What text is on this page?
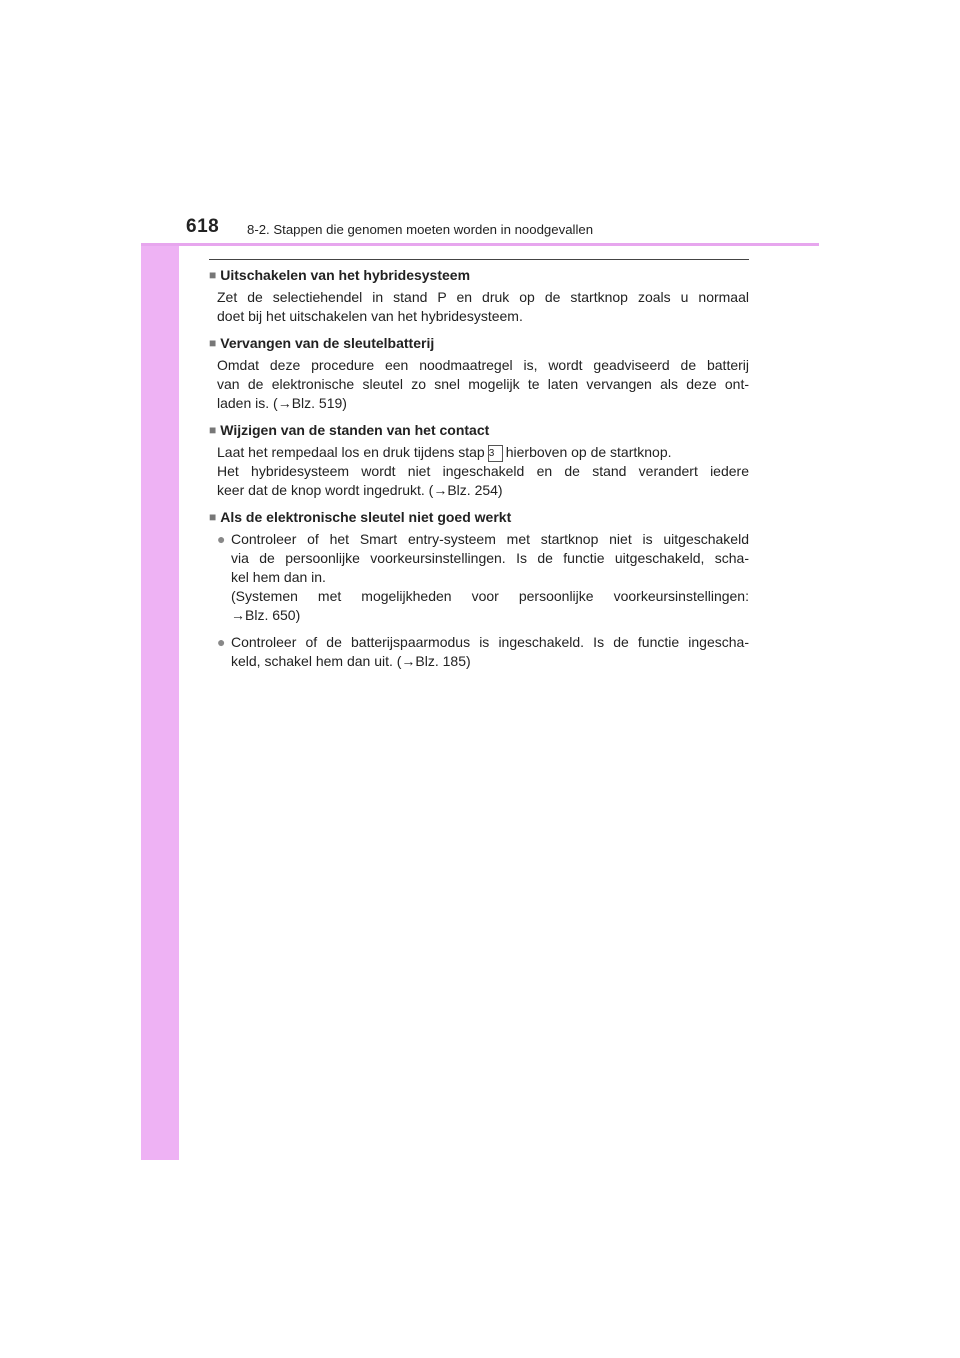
618 8-2. Stappen die genomen moeten worden in noodgevallen

■ Uitschakelen van het hybridesysteem

Zet de selectiehendel in stand P en druk op de startknop zoals u normaal
doet bij het uitschakelen van het hybridesysteem.

■ Vervangen van de sleutelbatterij

Omdat deze procedure een noodmaatregel is, wordt geadviseerd de batterij
van de elektronische sleutel zo snel mogelijk te laten vervangen als deze ont-
laden is. (→Blz. 519)

■ Wijzigen van de standen van het contact

Laat het rempedaal los en druk tijdens stap 3 hierboven op de startknop.
Het hybridesysteem wordt niet ingeschakeld en de stand verandert iedere
keer dat de knop wordt ingedrukt. (→Blz. 254)

■ Als de elektronische sleutel niet goed werkt

● Controleer of het Smart entry-systeem met startknop niet is uitgeschakeld
via de persoonlijke voorkeursinstellingen. Is de functie uitgeschakeld, scha-
kel hem dan in.
(Systemen met mogelijkheden voor persoonlijke voorkeursinstellingen:
→Blz. 650)
● Controleer of de batterijspaarmodus is ingeschakeld. Is de functie ingescha-
keld, schakel hem dan uit. (→Blz. 185)
